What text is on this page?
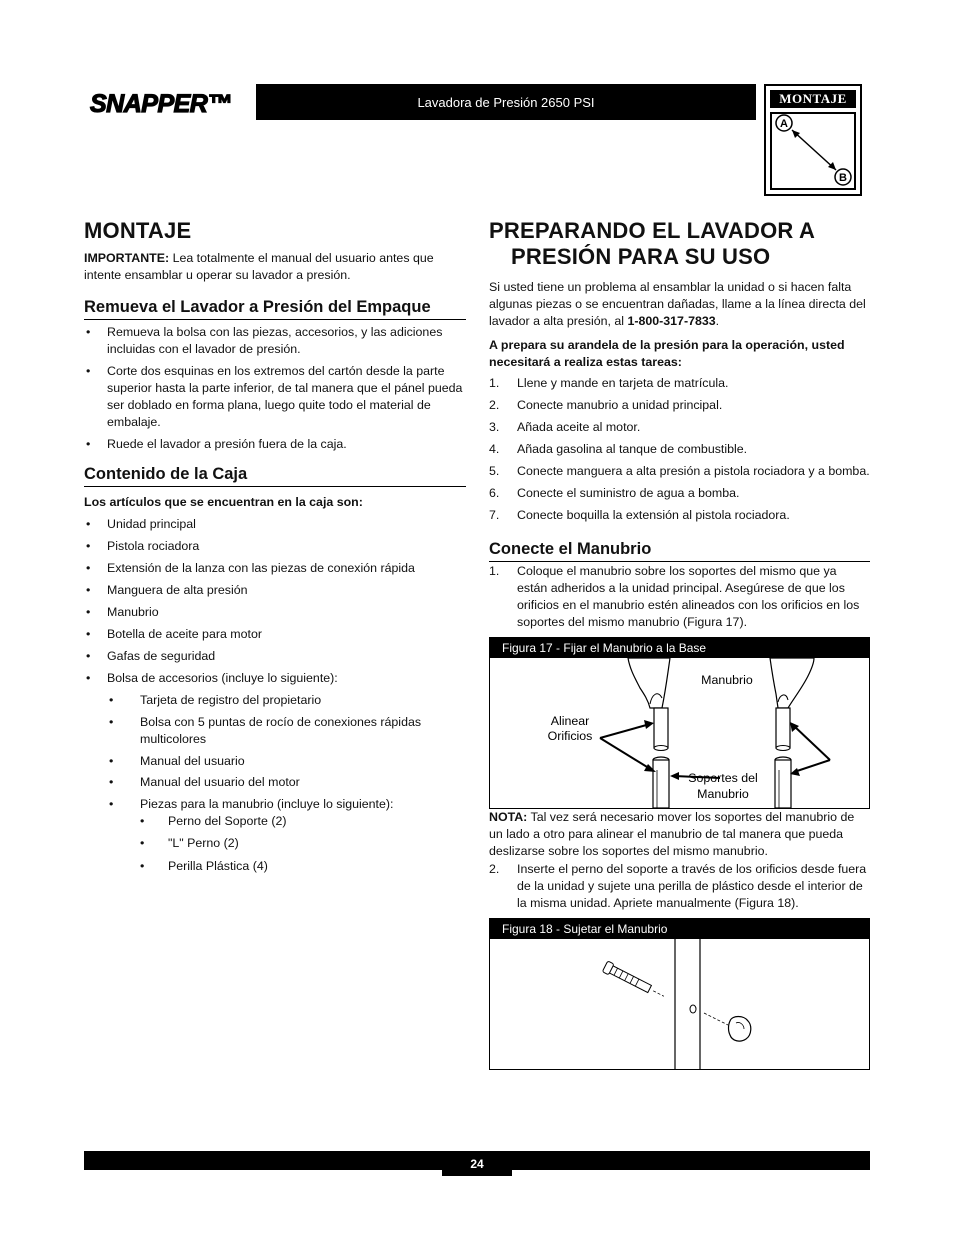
SNAPPER™	Lavadora de Presión 2650 PSI	MONTAJE
A
B
MONTAJE

IMPORTANTE: Lea totalmente el manual del usuario antes que intente ensamblar u operar su lavador a presión.

Remueva el Lavador a Presión del Empaque
• Remueva la bolsa con las piezas, accesorios, y las adiciones incluidas con el lavador de presión.
• Corte dos esquinas en los extremos del cartón desde la parte superior hasta la parte inferior, de tal manera que el pánel pueda ser doblado en forma plana, luego quite todo el material de embalaje.
• Ruede el lavador a presión fuera de la caja.
Contenido de la Caja

Los artículos que se encuentran en la caja son:

• Unidad principal
• Pistola rociadora
• Extensión de la lanza con las piezas de conexión rápida
• Manguera de alta presión
• Manubrio
• Botella de aceite para motor
• Gafas de seguridad
• Bolsa de accesorios (incluye lo siguiente):
• Tarjeta de registro del propietario
• Bolsa con 5 puntas de rocío de conexiones rápidas multicolores
• Manual del usuario
• Manual del usuario del motor
• Piezas para la manubrio (incluye lo siguiente):
• Perno del Soporte (2)
• "L" Perno (2)
• Perilla Plástica (4)
PREPARANDO EL LAVADOR A PRESIÓN PARA SU USO

Si usted tiene un problema al ensamblar la unidad o si hacen falta algunas piezas o se encuentran dañadas, llame a la línea directa del lavador a alta presión, al 1-800-317-7833.

A prepara su arandela de la presión para la operación, usted necesitará a realiza estas tareas:

1. Llene y mande en tarjeta de matrícula.
2. Conecte manubrio a unidad principal.
3. Añada aceite al motor.
4. Añada gasolina al tanque de combustible.
5. Conecte manguera a alta presión a pistola rociadora y a bomba.
6. Conecte el suministro de agua a bomba.
7. Conecte boquilla la extensión al pistola rociadora.
Conecte el Manubrio
1. Coloque el manubrio sobre los soportes del mismo que ya están adheridos a la unidad principal. Asegúrese de que los orificios en el manubrio estén alineados con los orificios en los soportes del mismo manubrio (Figura 17).
Figura 17 - Fijar el Manubrio a la Base
Manubrio
Alinear
Orificios
Soportes del
Manubrio

NOTA: Tal vez será necesario mover los soportes del manubrio de un lado a otro para alinear el manubrio de tal manera que pueda deslizarse sobre los soportes del mismo manubrio.

2. Inserte el perno del soporte a través de los orificios desde fuera de la unidad y sujete una perilla de plástico desde el interior de la misma unidad. Apriete manualmente (Figura 18).
Figura 18 - Sujetar el Manubrio
24
